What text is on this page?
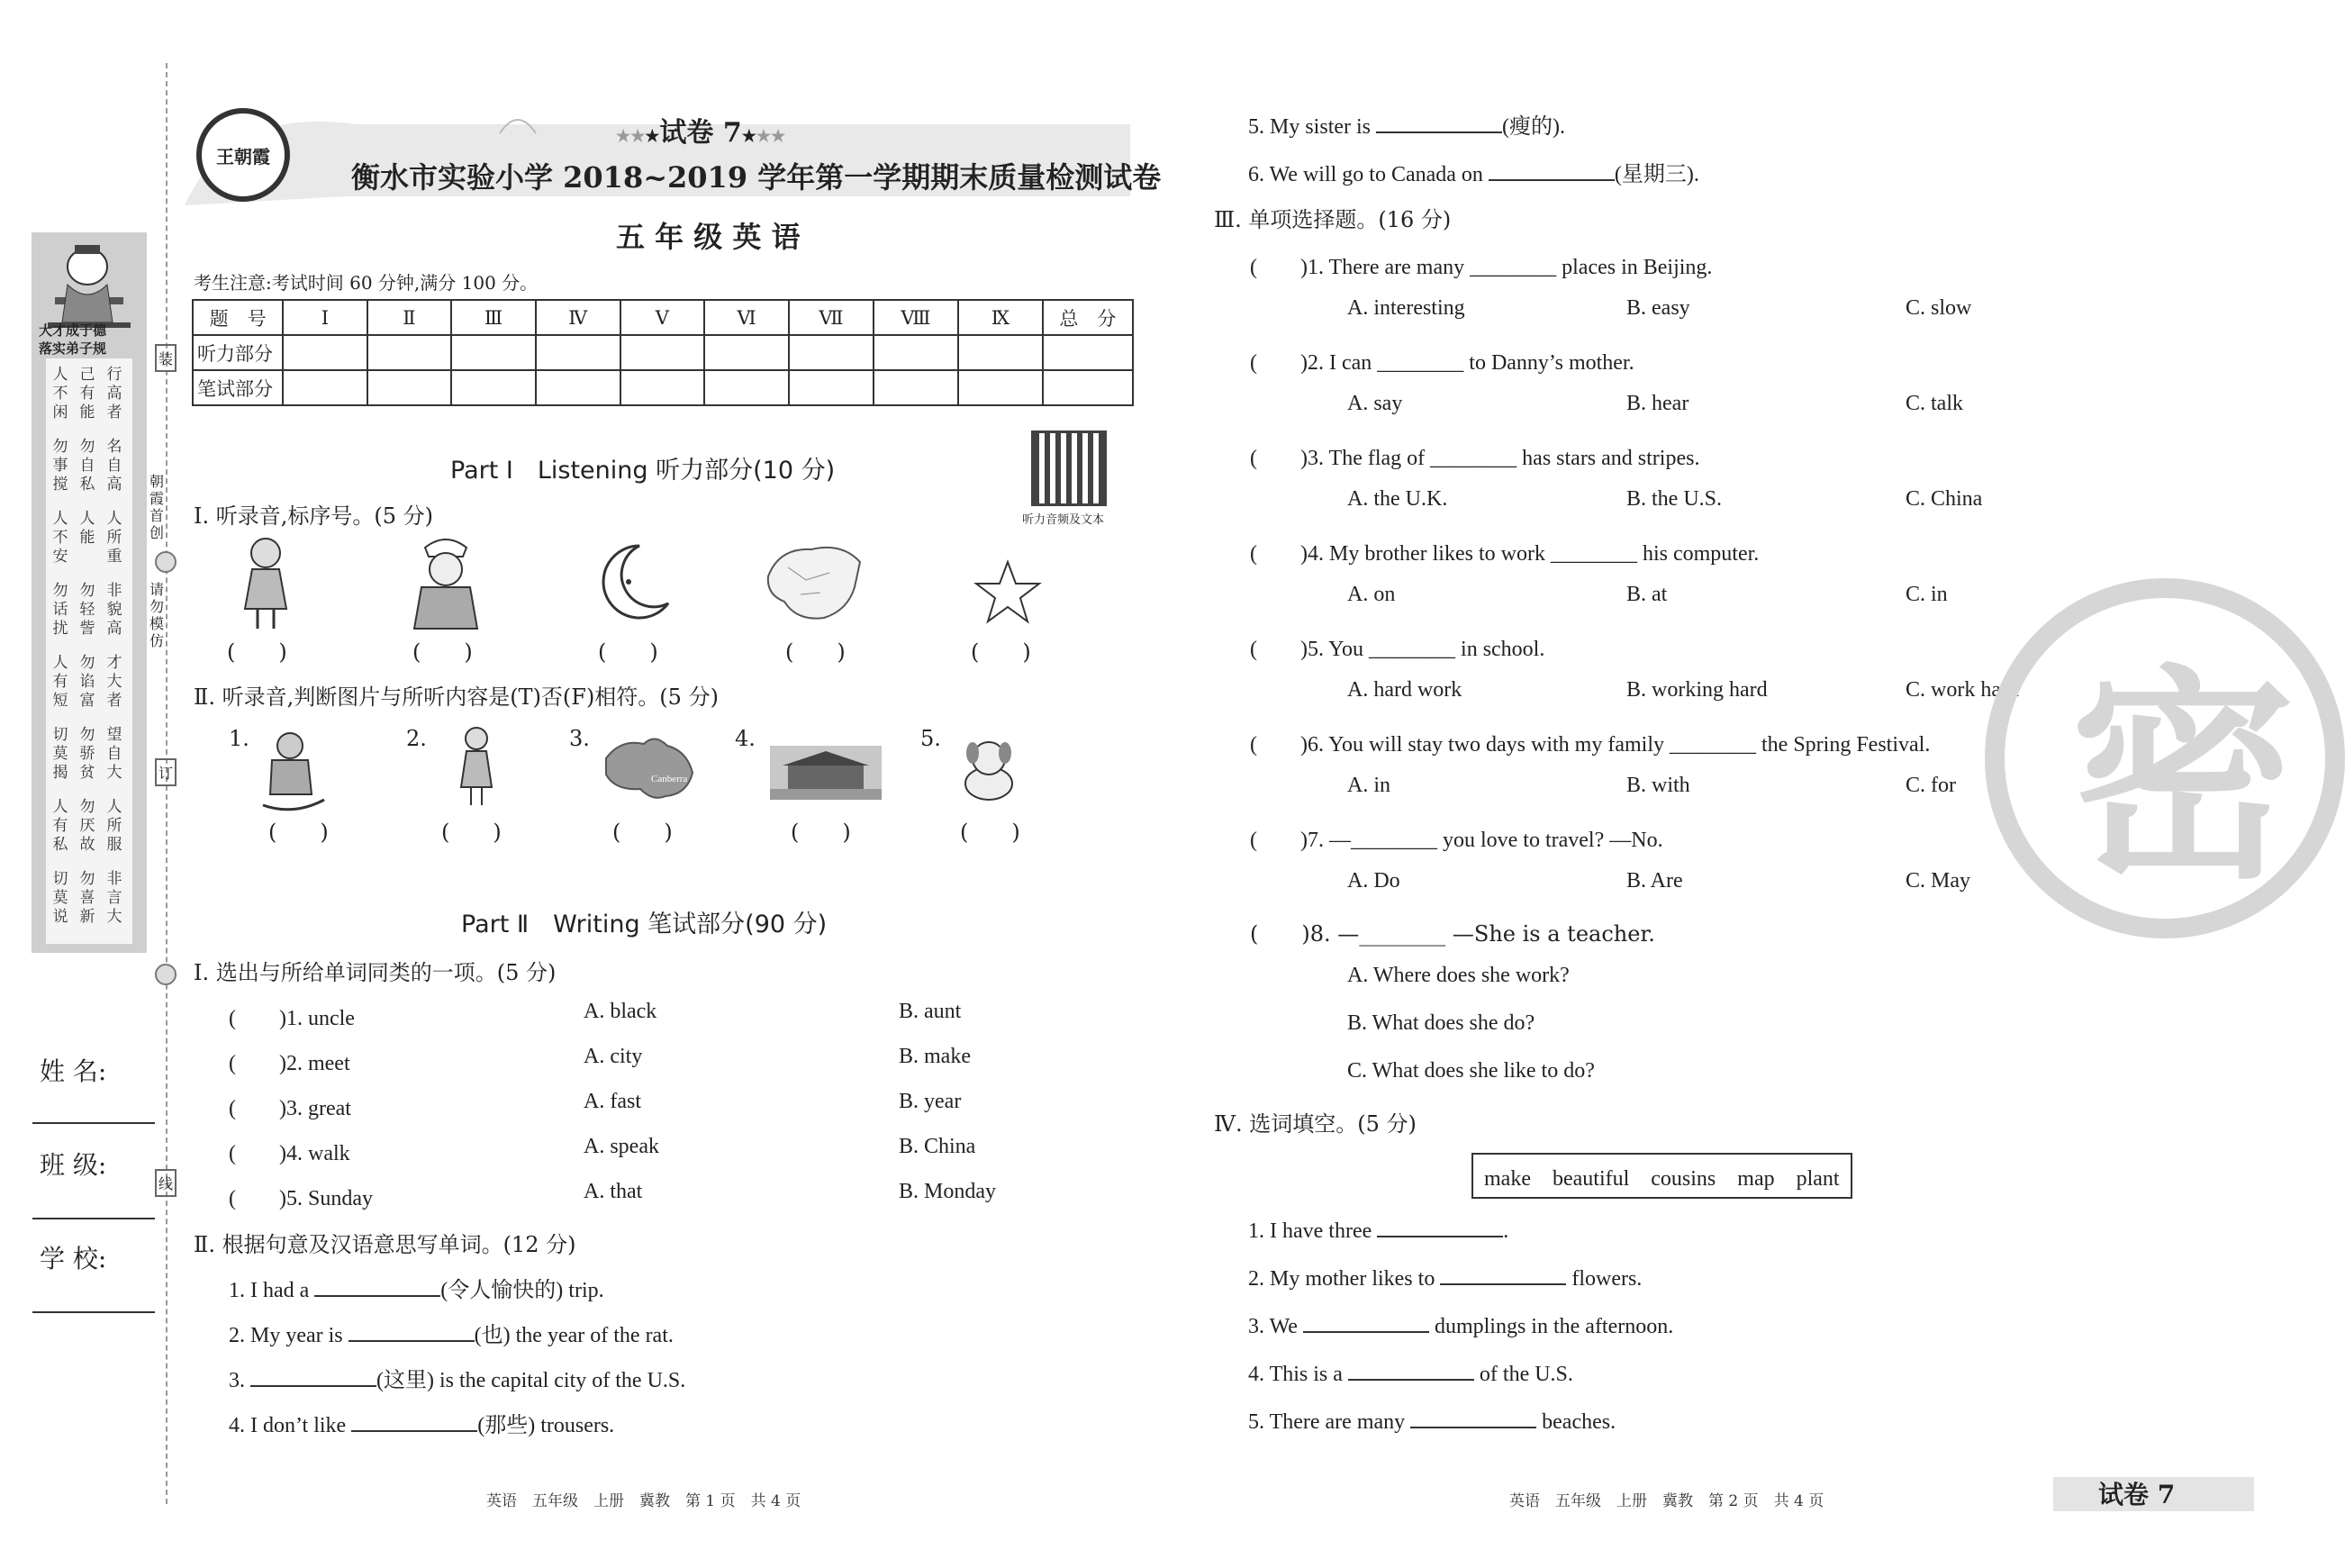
大才成于德
落实弟子规
人不闲
己有能
行高者
勿事搅
勿自私
名自高
人不安
人能
人所重
勿话扰
勿轻訾
非貌高
人有短
勿谄富
才大者
切莫揭
勿骄贫
望自大
人有私
勿厌故
人所服
切莫说
勿喜新
非言大
朝霞首创
请勿模仿
装
订
线
姓 名:
班 级:
学 校:
王朝霞
★★★试卷 7★★★
衡水市实验小学 2018~2019 学年第一学期期末质量检测试卷
五 年 级 英 语
考生注意:考试时间 60 分钟,满分 100 分。
题　号	Ⅰ	Ⅱ	Ⅲ	Ⅳ	Ⅴ	Ⅵ	Ⅶ	Ⅷ	Ⅸ	总　分
听力部分										
笔试部分										
Part Ⅰ　Listening 听力部分(10 分)
听力音频及文本
Ⅰ. 听录音,标序号。(5 分)
(　　)	(　　)	(　　)	(　　)	(　　)
Ⅱ. 听录音,判断图片与所听内容是(T)否(F)相符。(5 分)
1.	2.	3.	4.	5.
Canberra
(　　)	(　　)	(　　)	(　　)	(　　)
Part Ⅱ　Writing 笔试部分(90 分)
Ⅰ. 选出与所给单词同类的一项。(5 分)
(　　)1. uncle	A. black	B. aunt
(　　)2. meet	A. city	B. make
(　　)3. great	A. fast	B. year
(　　)4. walk	A. speak	B. China
(　　)5. Sunday	A. that	B. Monday
Ⅱ. 根据句意及汉语意思写单词。(12 分)
1. I had a	(令人愉快的) trip.
2. My year is	(也) the year of the rat.
3.	(这里) is the capital city of the U.S.
4. I don’t like	(那些) trousers.
5. My sister is	(瘦的).
6. We will go to Canada on	(星期三).
英语　五年级　上册　冀教　第 1 页　共 4 页
Ⅲ. 单项选择题。(16 分)
(　　)1. There are many ________ places in Beijing.
A. interesting	B. easy	C. slow
(　　)2. I can ________ to Danny’s mother.
A. say	B. hear	C. talk
(　　)3. The flag of ________ has stars and stripes.
A. the U.K.	B. the U.S.	C. China
(　　)4. My brother likes to work ________ his computer.
A. on	B. at	C. in
(　　)5. You ________ in school.
A. hard work	B. working hard	C. work hard
(　　)6. You will stay two days with my family ________ the Spring Festival.
A. in	B. with	C. for
(　　)7. —________ you love to travel? —No.
A. Do	B. Are	C. May
(　　)8. —________ —She is a teacher.
A. Where does she work?
B. What does she do?
C. What does she like to do?
Ⅳ. 选词填空。(5 分)
make　beautiful　cousins　map　plant
1. I have three	.
2. My mother likes to	flowers.
3. We	dumplings in the afternoon.
4. This is a	of the U.S.
5. There are many	beaches.
密
英语　五年级　上册　冀教　第 2 页　共 4 页	试卷 7
